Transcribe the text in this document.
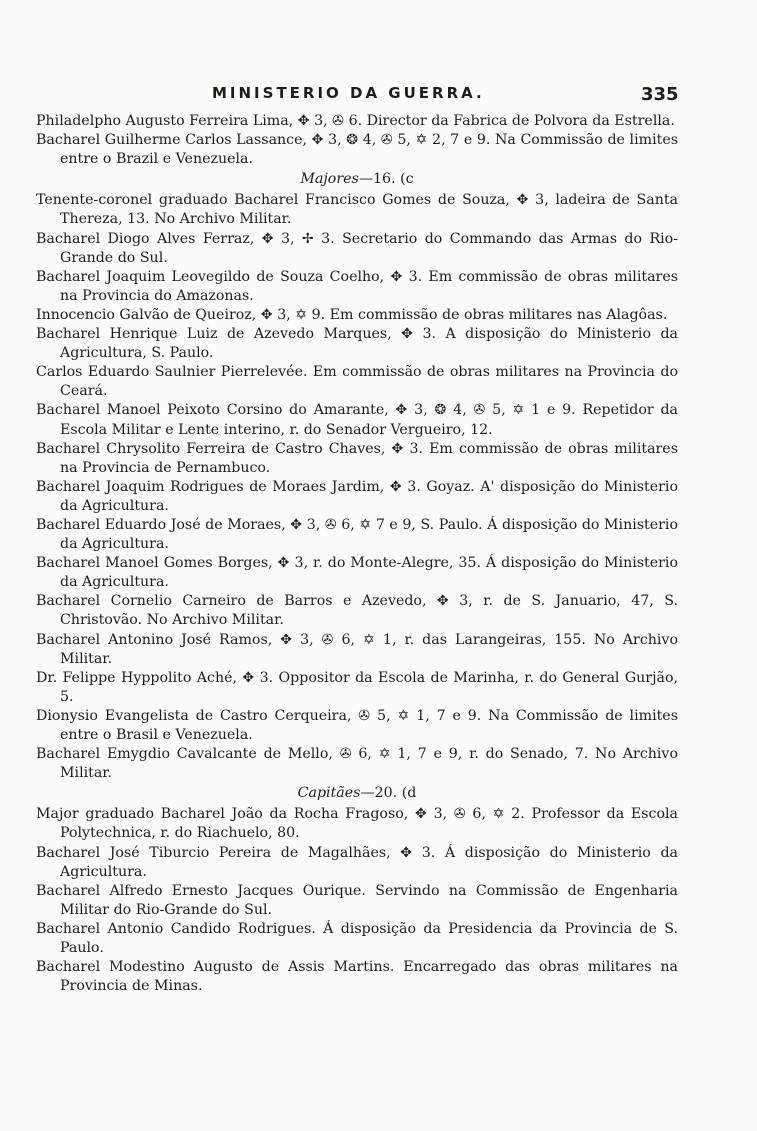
MINISTERIO DA GUERRA.	335
Philadelpho Augusto Ferreira Lima, ✥ 3, ✇ 6. Director da Fabrica de Polvora da Estrella.
Bacharel Guilherme Carlos Lassance, ✥ 3, ❂ 4, ✇ 5, ✡ 2, 7 e 9. Na Commissão de limites entre o Brazil e Venezuela.
Majores—16. (c
Tenente-coronel graduado Bacharel Francisco Gomes de Souza, ✥ 3, ladeira de Santa Thereza, 13. No Archivo Militar.
Bacharel Diogo Alves Ferraz, ✥ 3, ✢ 3. Secretario do Commando das Armas do Rio-Grande do Sul.
Bacharel Joaquim Leovegildo de Souza Coelho, ✥ 3. Em commissão de obras militares na Provincia do Amazonas.
Innocencio Galvão de Queiroz, ✥ 3, ✡ 9. Em commissão de obras militares nas Alagôas.
Bacharel Henrique Luiz de Azevedo Marques, ✥ 3. A disposição do Ministerio da Agricultura, S. Paulo.
Carlos Eduardo Saulnier Pierrelevée. Em commissão de obras militares na Provincia do Ceará.
Bacharel Manoel Peixoto Corsino do Amarante, ✥ 3, ❂ 4, ✇ 5, ✡ 1 e 9. Repetidor da Escola Militar e Lente interino, r. do Senador Vergueiro, 12.
Bacharel Chrysolito Ferreira de Castro Chaves, ✥ 3. Em commissão de obras militares na Provincia de Pernambuco.
Bacharel Joaquim Rodrigues de Moraes Jardim, ✥ 3. Goyaz. A' disposição do Ministerio da Agricultura.
Bacharel Eduardo José de Moraes, ✥ 3, ✇ 6, ✡ 7 e 9, S. Paulo. Á disposição do Ministerio da Agricultura.
Bacharel Manoel Gomes Borges, ✥ 3, r. do Monte-Alegre, 35. Á disposição do Ministerio da Agricultura.
Bacharel Cornelio Carneiro de Barros e Azevedo, ✥ 3, r. de S. Januario, 47, S. Christovão. No Archivo Militar.
Bacharel Antonino José Ramos, ✥ 3, ✇ 6, ✡ 1, r. das Larangeiras, 155. No Archivo Militar.
Dr. Felippe Hyppolito Aché, ✥ 3. Oppositor da Escola de Marinha, r. do General Gurjão, 5.
Dionysio Evangelista de Castro Cerqueira, ✇ 5, ✡ 1, 7 e 9. Na Commissão de limites entre o Brasil e Venezuela.
Bacharel Emygdio Cavalcante de Mello, ✇ 6, ✡ 1, 7 e 9, r. do Senado, 7. No Archivo Militar.
Capitães—20. (d
Major graduado Bacharel João da Rocha Fragoso, ✥ 3, ✇ 6, ✡ 2. Professor da Escola Polytechnica, r. do Riachuelo, 80.
Bacharel José Tiburcio Pereira de Magalhães, ✥ 3. Á disposição do Ministerio da Agricultura.
Bacharel Alfredo Ernesto Jacques Ourique. Servindo na Commissão de Engenharia Militar do Rio-Grande do Sul.
Bacharel Antonio Candido Rodrigues. Á disposição da Presidencia da Provincia de S. Paulo.
Bacharel Modestino Augusto de Assis Martins. Encarregado das obras militares na Provincia de Minas.
